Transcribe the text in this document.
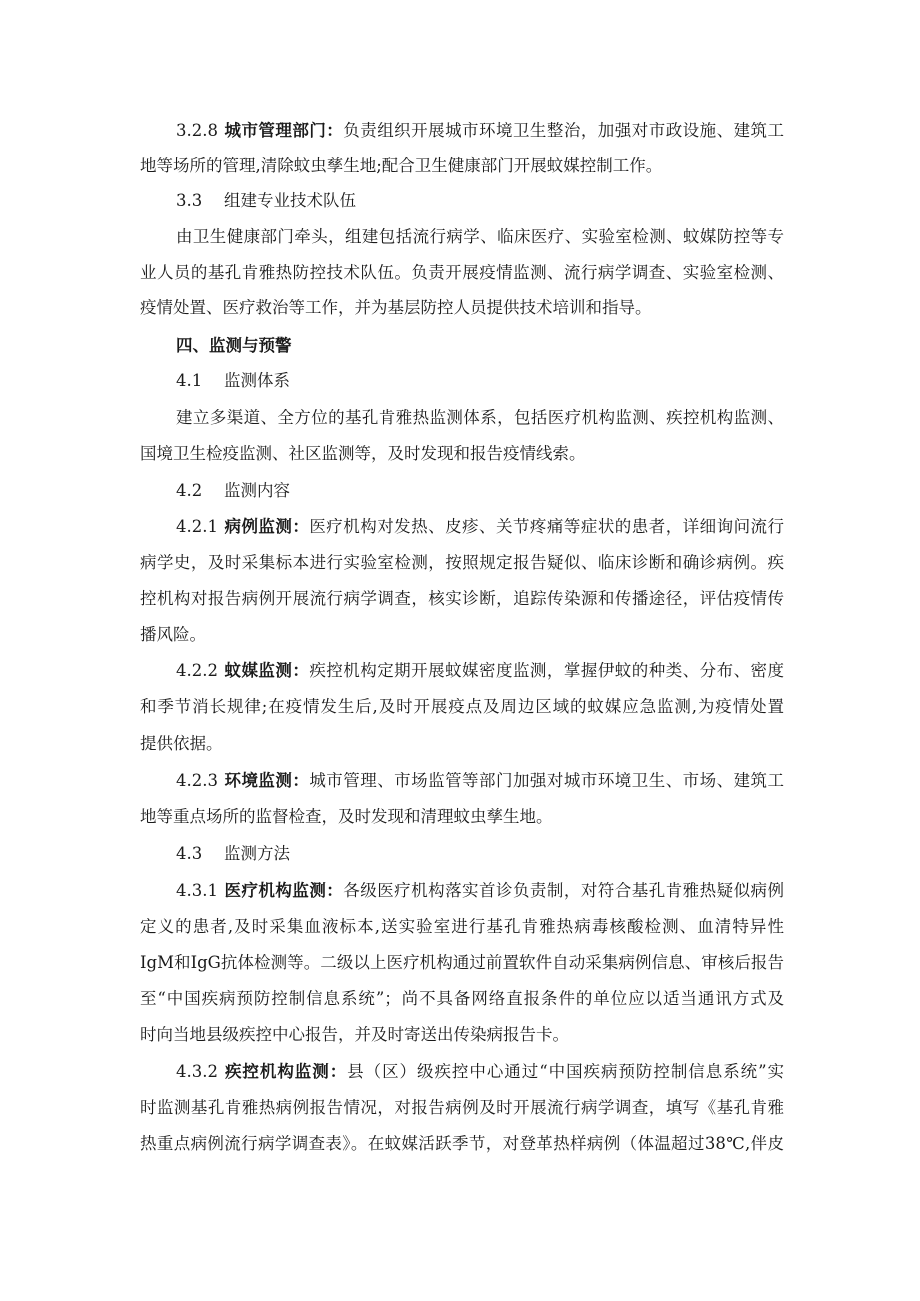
3.2.8 城市管理部门：负责组织开展城市环境卫生整治，加强对市政设施、建筑工
地等场所的管理,清除蚊虫孳生地;配合卫生健康部门开展蚊媒控制工作。
3.3 组建专业技术队伍
由卫生健康部门牵头，组建包括流行病学、临床医疗、实验室检测、蚊媒防控等专
业人员的基孔肯雅热防控技术队伍。负责开展疫情监测、流行病学调查、实验室检测、
疫情处置、医疗救治等工作，并为基层防控人员提供技术培训和指导。
四、监测与预警
4.1 监测体系
建立多渠道、全方位的基孔肯雅热监测体系，包括医疗机构监测、疾控机构监测、
国境卫生检疫监测、社区监测等，及时发现和报告疫情线索。
4.2 监测内容
4.2.1 病例监测：医疗机构对发热、皮疹、关节疼痛等症状的患者，详细询问流行
病学史，及时采集标本进行实验室检测，按照规定报告疑似、临床诊断和确诊病例。疾
控机构对报告病例开展流行病学调查，核实诊断，追踪传染源和传播途径，评估疫情传
播风险。
4.2.2 蚊媒监测：疾控机构定期开展蚊媒密度监测，掌握伊蚊的种类、分布、密度
和季节消长规律;在疫情发生后,及时开展疫点及周边区域的蚊媒应急监测,为疫情处置
提供依据。
4.2.3 环境监测：城市管理、市场监管等部门加强对城市环境卫生、市场、建筑工
地等重点场所的监督检查，及时发现和清理蚊虫孳生地。
4.3 监测方法
4.3.1 医疗机构监测：各级医疗机构落实首诊负责制，对符合基孔肯雅热疑似病例
定义的患者,及时采集血液标本,送实验室进行基孔肯雅热病毒核酸检测、血清特异性
IgM和IgG抗体检测等。二级以上医疗机构通过前置软件自动采集病例信息、审核后报告
至“中国疾病预防控制信息系统”；尚不具备网络直报条件的单位应以适当通讯方式及
时向当地县级疾控中心报告，并及时寄送出传染病报告卡。
4.3.2 疾控机构监测：县（区）级疾控中心通过“中国疾病预防控制信息系统”实
时监测基孔肯雅热病例报告情况，对报告病例及时开展流行病学调查，填写《基孔肯雅
热重点病例流行病学调查表》。在蚊媒活跃季节，对登革热样病例（体温超过38℃,伴皮
